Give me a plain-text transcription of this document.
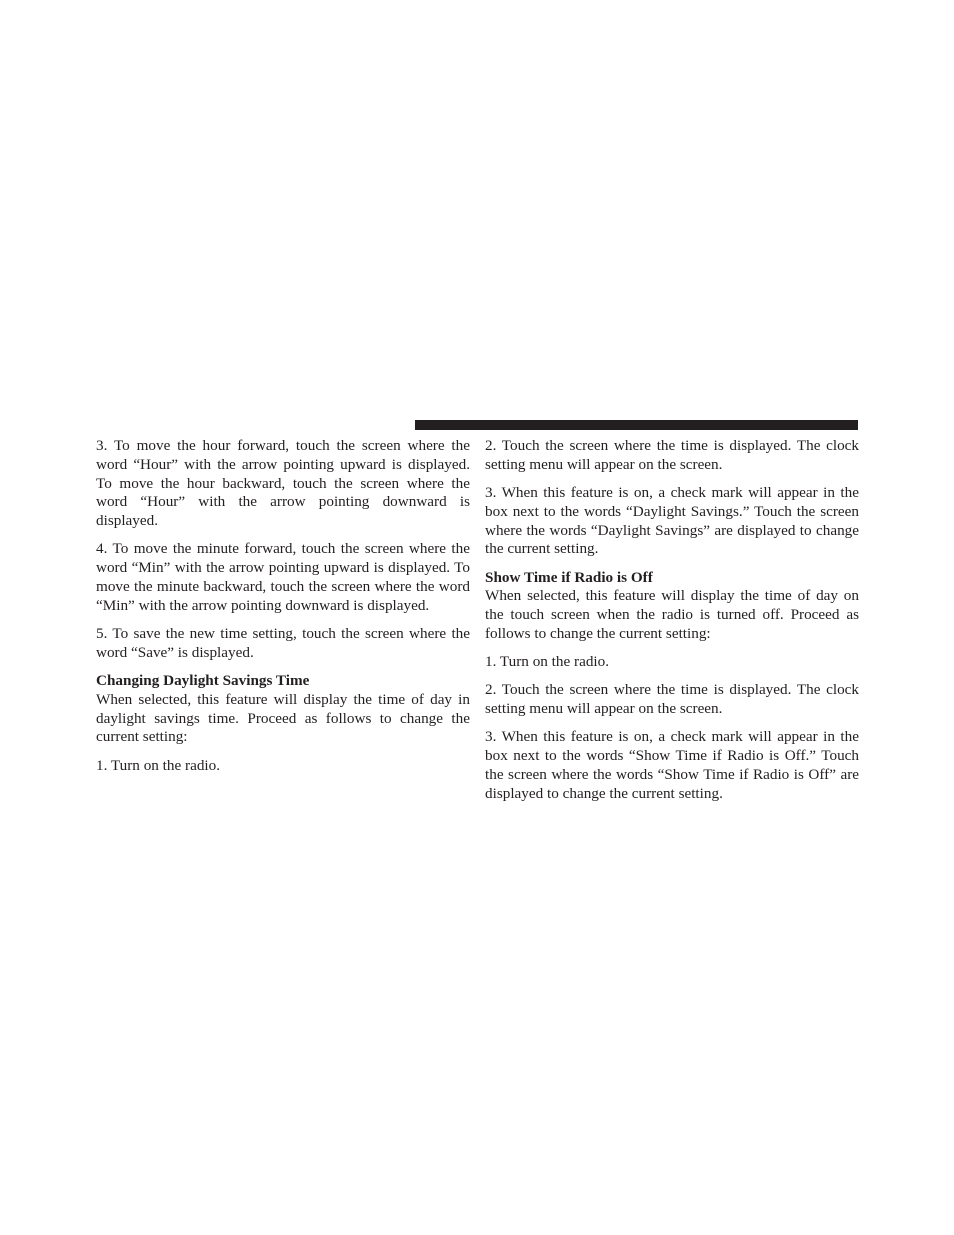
3. To move the hour forward, touch the screen where the word “Hour” with the arrow pointing upward is displayed. To move the hour backward, touch the screen where the word “Hour” with the arrow pointing downward is displayed.

4. To move the minute forward, touch the screen where the word “Min” with the arrow pointing upward is displayed. To move the minute backward, touch the screen where the word “Min” with the arrow pointing downward is displayed.

5. To save the new time setting, touch the screen where the word “Save” is displayed.

Changing Daylight Savings Time

When selected, this feature will display the time of day in daylight savings time. Proceed as follows to change the current setting:

1. Turn on the radio.

2. Touch the screen where the time is displayed. The clock setting menu will appear on the screen.

3. When this feature is on, a check mark will appear in the box next to the words “Daylight Savings.” Touch the screen where the words “Daylight Savings” are displayed to change the current setting.

Show Time if Radio is Off

When selected, this feature will display the time of day on the touch screen when the radio is turned off. Proceed as follows to change the current setting:

1. Turn on the radio.

2. Touch the screen where the time is displayed. The clock setting menu will appear on the screen.

3. When this feature is on, a check mark will appear in the box next to the words “Show Time if Radio is Off.” Touch the screen where the words “Show Time if Radio is Off” are displayed to change the current setting.
